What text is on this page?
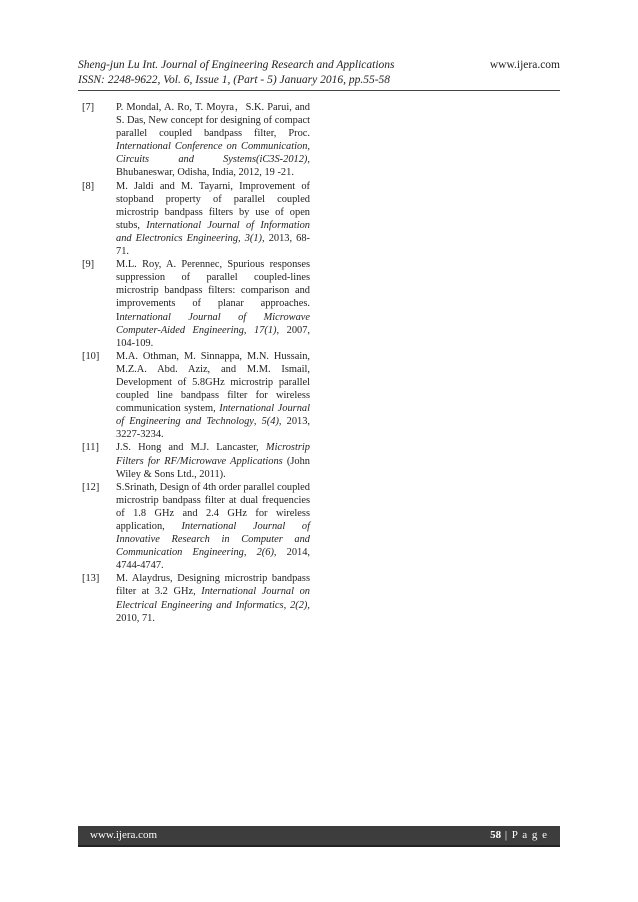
Sheng-jun Lu Int. Journal of Engineering Research and Applications
ISSN: 2248-9622, Vol. 6, Issue 1, (Part - 5) January 2016, pp.55-58
www.ijera.com
[7]	P. Mondal, A. Ro, T. Moyra，S.K. Parui, and S. Das, New concept for designing of compact parallel coupled bandpass filter, Proc. International Conference on Communication, Circuits and Systems(iC3S-2012), Bhubaneswar, Odisha, India, 2012, 19 -21.
[8]	M. Jaldi and M. Tayarni, Improvement of stopband property of parallel coupled microstrip bandpass filters by use of open stubs, International Journal of Information and Electronics Engineering, 3(1), 2013, 68-71.
[9]	M.L. Roy, A. Perennec, Spurious responses suppression of parallel coupled-lines microstrip bandpass filters: comparison and improvements of planar approaches. International Journal of Microwave Computer-Aided Engineering, 17(1), 2007, 104-109.
[10]	M.A. Othman, M. Sinnappa, M.N. Hussain, M.Z.A. Abd. Aziz, and M.M. Ismail, Development of 5.8GHz microstrip parallel coupled line bandpass filter for wireless communication system, International Journal of Engineering and Technology, 5(4), 2013, 3227-3234.
[11]	J.S. Hong and M.J. Lancaster, Microstrip Filters for RF/Microwave Applications (John Wiley & Sons Ltd., 2011).
[12]	S.Srinath, Design of 4th order parallel coupled microstrip bandpass filter at dual frequencies of 1.8 GHz and 2.4 GHz for wireless application, International Journal of Innovative Research in Computer and Communication Engineering, 2(6), 2014, 4744-4747.
[13]	M. Alaydrus, Designing microstrip bandpass filter at 3.2 GHz, International Journal on Electrical Engineering and Informatics, 2(2), 2010, 71.
www.ijera.com	58 | P a g e
